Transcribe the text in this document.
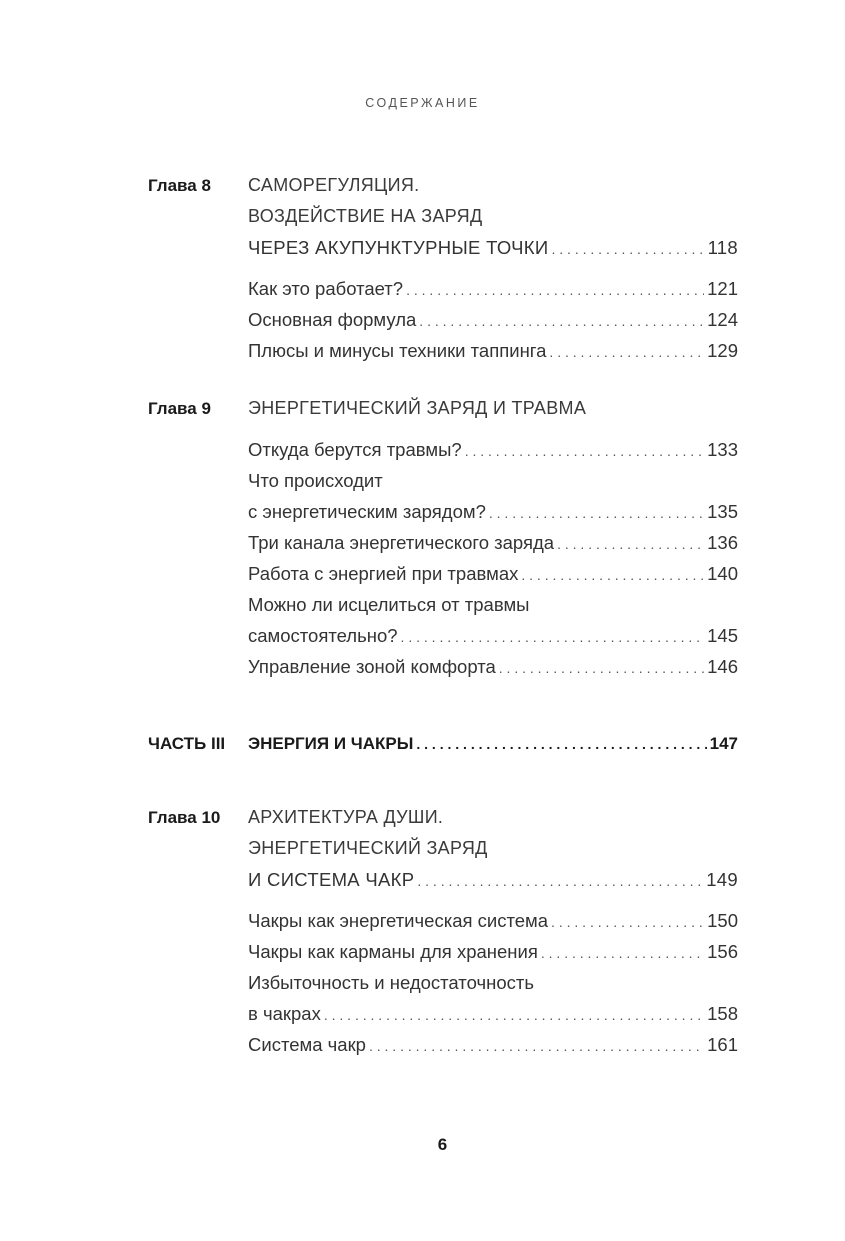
СОДЕРЖАНИЕ
Глава 8 САМОРЕГУЛЯЦИЯ.
ВОЗДЕЙСТВИЕ НА ЗАРЯД
ЧЕРЕЗ АКУПУНКТУРНЫЕ ТОЧКИ . . .	118
Как это работает? . . .	121
Основная формула . . .	124
Плюсы и минусы техники таппинга . . .	129
Глава 9 ЭНЕРГЕТИЧЕСКИЙ ЗАРЯД И ТРАВМА
Откуда берутся травмы? . . .	133
Что происходит
с энергетическим зарядом? . . .	135
Три канала энергетического заряда . . .	136
Работа с энергией при травмах . . .	140
Можно ли исцелиться от травмы
самостоятельно? . . .	145
Управление зоной комфорта . . .	146
ЧАСТЬ III ЭНЕРГИЯ И ЧАКРЫ . . .	147
Глава 10 АРХИТЕКТУРА ДУШИ.
ЭНЕРГЕТИЧЕСКИЙ ЗАРЯД
И СИСТЕМА ЧАКР . . .	149
Чакры как энергетическая система . . .	150
Чакры как карманы для хранения . . .	156
Избыточность и недостаточность
в чакрах . . .	158
Система чакр . . .	161
6
